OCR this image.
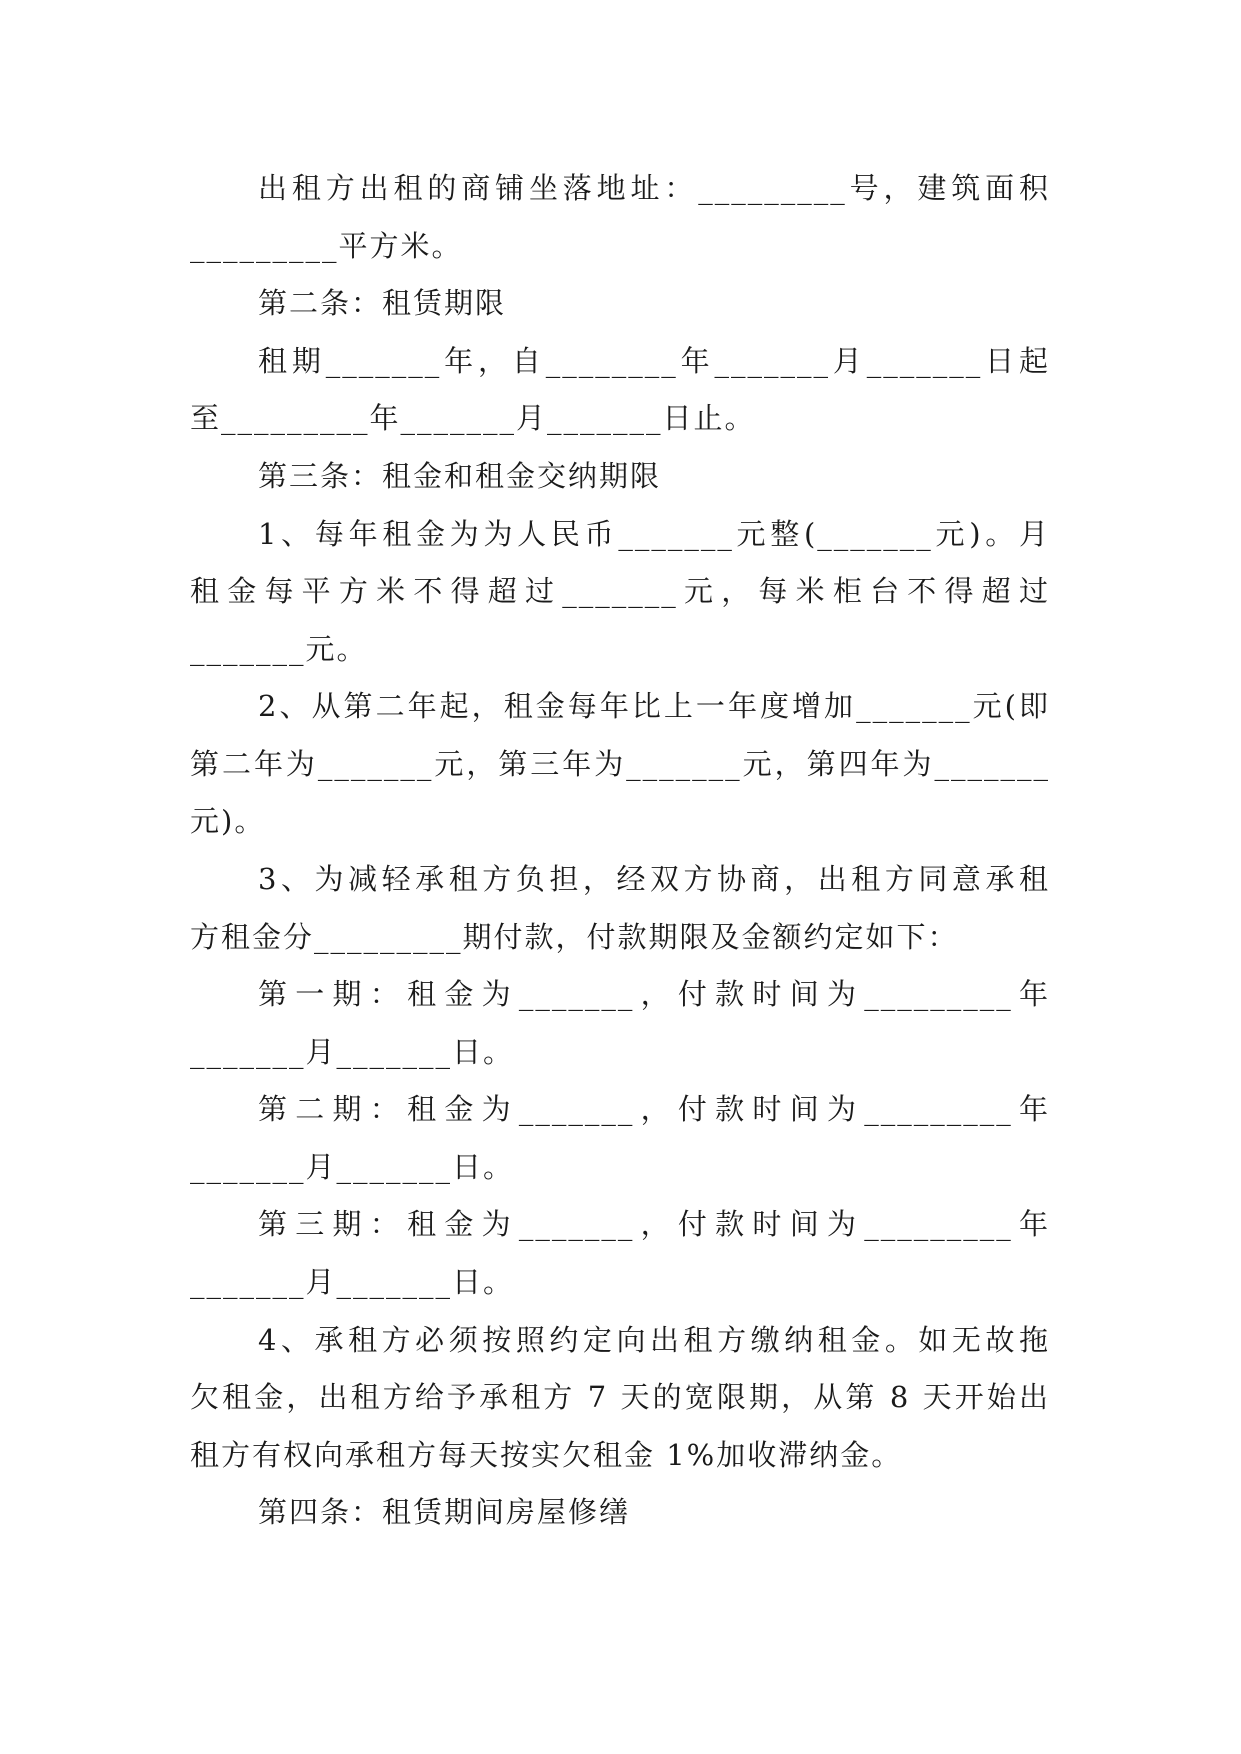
出租方出租的商铺坐落地址：_________号，建筑面积
_________平方米。
第二条：租赁期限
租期_______年，自________年_______月_______日起
至_________年_______月_______日止。
第三条：租金和租金交纳期限
1、每年租金为为人民币_______元整(_______元)。月
租金每平方米不得超过_______元，每米柜台不得超过
_______元。
2、从第二年起，租金每年比上一年度增加_______元(即
第二年为_______元，第三年为_______元，第四年为_______
元)。
3、为减轻承租方负担，经双方协商，出租方同意承租
方租金分_________期付款，付款期限及金额约定如下：
第一期：租金为_______，付款时间为_________年
_______月_______日。
第二期：租金为_______，付款时间为_________年
_______月_______日。
第三期：租金为_______，付款时间为_________年
_______月_______日。
4、承租方必须按照约定向出租方缴纳租金。如无故拖
欠租金，出租方给予承租方 7 天的宽限期，从第 8 天开始出
租方有权向承租方每天按实欠租金 1%加收滞纳金。
第四条：租赁期间房屋修缮
